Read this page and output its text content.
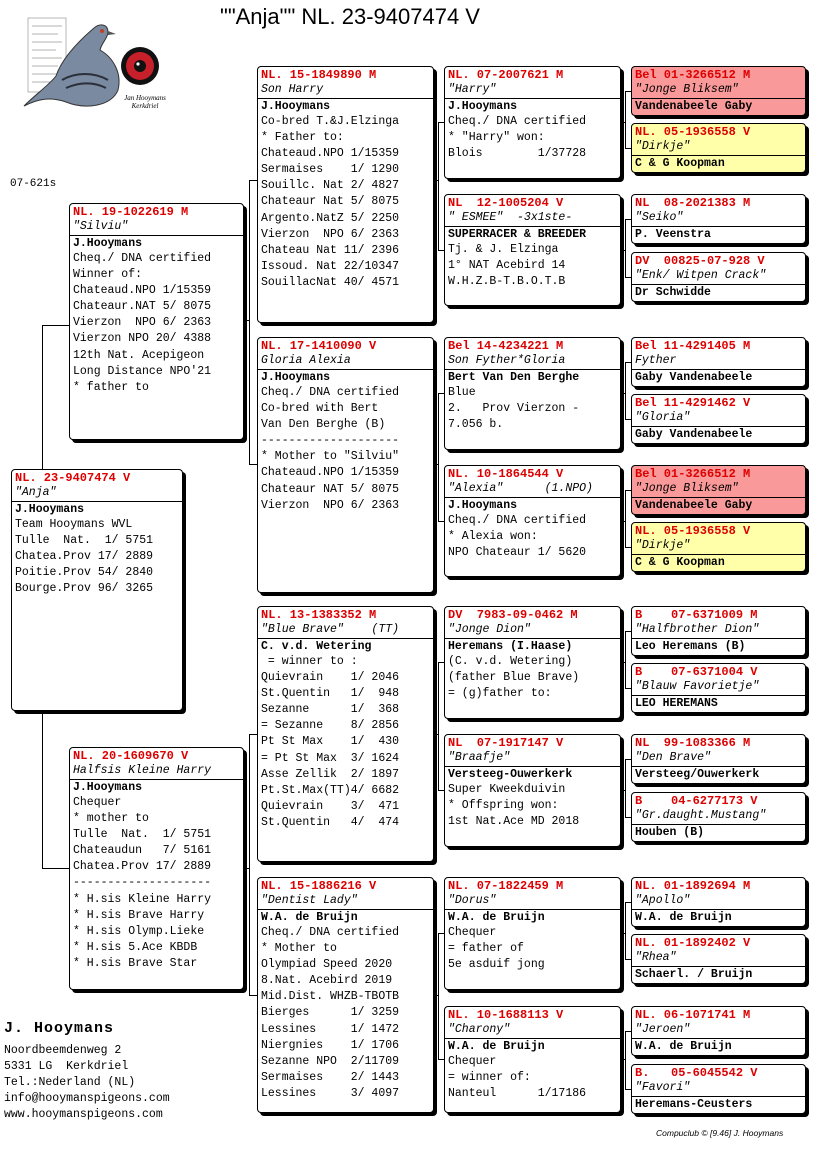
""Anja"" NL. 23-9407474 V
Jan Hooymans Kerkdriel
07-621s
NL. 23-9407474 V
"Anja"
J.Hooymans
Team Hooymans WVL
Tulle  Nat.  1/ 5751
Chatea.Prov 17/ 2889
Poitie.Prov 54/ 2840
Bourge.Prov 96/ 3265
NL. 19-1022619 M
"Silviu"
J.Hooymans
Cheq./ DNA certified
Winner of:
Chateaud.NPO 1/15359
Chateaur.NAT 5/ 8075
Vierzon  NPO 6/ 2363
Vierzon NPO 20/ 4388
12th Nat. Acepigeon
Long Distance NPO'21
* father to
NL. 20-1609670 V
Halfsis Kleine Harry
J.Hooymans
Chequer
* mother to
Tulle  Nat.  1/ 5751
Chateaudun   7/ 5161
Chatea.Prov 17/ 2889
--------------------
* H.sis Kleine Harry
* H.sis Brave Harry
* H.sis Olymp.Lieke
* H.sis 5.Ace KBDB
* H.sis Brave Star
NL. 15-1849890 M
Son Harry
J.Hooymans
Co-bred T.&J.Elzinga
* Father to:
Chateaud.NPO 1/15359
Sermaises    1/ 1290
Souillc. Nat 2/ 4827
Chateaur Nat 5/ 8075
Argento.NatZ 5/ 2250
Vierzon  NPO 6/ 2363
Chateau Nat 11/ 2396
Issoud. Nat 22/10347
SouillacNat 40/ 4571
NL. 17-1410090 V
Gloria Alexia
J.Hooymans
Cheq./ DNA certified
Co-bred with Bert
Van Den Berghe (B)
--------------------
* Mother to "Silviu"
Chateaud.NPO 1/15359
Chateaur NAT 5/ 8075
Vierzon  NPO 6/ 2363
NL. 13-1383352 M
"Blue Brave"    (TT)
C. v.d. Wetering
= winner to :
Quievrain    1/ 2046
St.Quentin   1/  948
Sezanne      1/  368
= Sezanne    8/ 2856
Pt St Max    1/  430
= Pt St Max  3/ 1624
Asse Zellik  2/ 1897
Pt.St.Max(TT)4/ 6682
Quievrain    3/  471
St.Quentin   4/  474
NL. 15-1886216 V
"Dentist Lady"
W.A. de Bruijn
Cheq./ DNA certified
* Mother to
Olympiad Speed 2020
8.Nat. Acebird 2019
Mid.Dist. WHZB-TBOTB
Bierges      1/ 3259
Lessines     1/ 1472
Niergnies    1/ 1706
Sezanne NPO  2/11709
Sermaises    2/ 1443
Lessines     3/ 4097
NL. 07-2007621 M
"Harry"
J.Hooymans
Cheq./ DNA certified
* "Harry" won:
Blois        1/37728
NL  12-1005204 V
" ESMEE"  -3x1ste-
SUPERRACER & BREEDER
Tj. & J. Elzinga
1° NAT Acebird 14
W.H.Z.B-T.B.O.T.B
Bel 14-4234221 M
Son Fyther*Gloria
Bert Van Den Berghe
Blue
2.   Prov Vierzon -
7.056 b.
NL. 10-1864544 V
"Alexia"      (1.NPO)
J.Hooymans
Cheq./ DNA certified
* Alexia won:
NPO Chateaur 1/ 5620
DV  7983-09-0462 M
"Jonge Dion"
Heremans (I.Haase)
(C. v.d. Wetering)
(father Blue Brave)
= (g)father to:
NL  07-1917147 V
"Braafje"
Versteeg-Ouwerkerk
Super Kweekduivin
* Offspring won:
1st Nat.Ace MD 2018
NL. 07-1822459 M
"Dorus"
W.A. de Bruijn
Chequer
= father of
5e asduif jong
NL. 10-1688113 V
"Charony"
W.A. de Bruijn
Chequer
= winner of:
Nanteul      1/17186
Bel 01-3266512 M
"Jonge Bliksem"
Vandenabeele Gaby
NL. 05-1936558 V
"Dirkje"
C & G Koopman
NL  08-2021383 M
"Seiko"
P. Veenstra
DV  00825-07-928 V
"Enk/ Witpen Crack"
Dr Schwidde
Bel 11-4291405 M
Fyther
Gaby Vandenabeele
Bel 11-4291462 V
"Gloria"
Gaby Vandenabeele
Bel 01-3266512 M
"Jonge Bliksem"
Vandenabeele Gaby
NL. 05-1936558 V
"Dirkje"
C & G Koopman
B    07-6371009 M
"Halfbrother Dion"
Leo Heremans (B)
B    07-6371004 V
"Blauw Favorietje"
LEO HEREMANS
NL  99-1083366 M
"Den Brave"
Versteeg/Ouwerkerk
B    04-6277173 V
"Gr.daught.Mustang"
Houben (B)
NL. 01-1892694 M
"Apollo"
W.A. de Bruijn
NL. 01-1892402 V
"Rhea"
Schaerl. / Bruijn
NL. 06-1071741 M
"Jeroen"
W.A. de Bruijn
B.   05-6045542 V
"Favori"
Heremans-Ceusters
J. Hooymans
Noordbeemdenweg 2
5331 LG  Kerkdriel
Tel.:Nederland (NL)
info@hooymanspigeons.com
www.hooymanspigeons.com
Compuclub © [9.46] J. Hooymans
